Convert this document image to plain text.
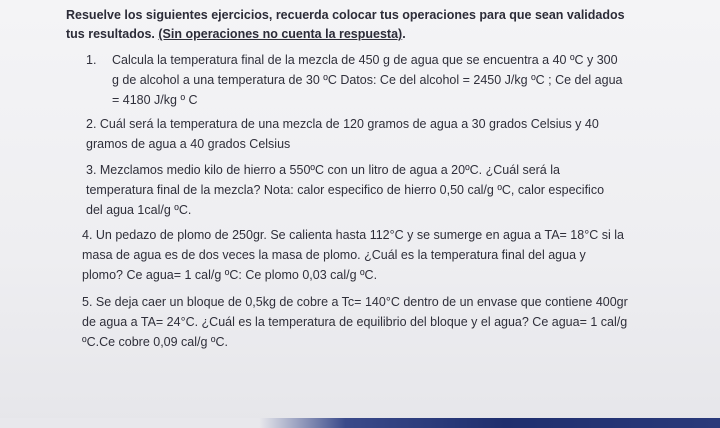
Resuelve los siguientes ejercicios, recuerda colocar tus operaciones para que sean validados tus resultados. (Sin operaciones no cuenta la respuesta).
1. Calcula la temperatura final de la mezcla de 450 g de agua que se encuentra a 40 ºC y 300 g de alcohol a una temperatura de 30 ºC Datos: Ce del alcohol = 2450 J/kg ºC ; Ce del agua = 4180 J/kg º C
2. Cuál será la temperatura de una mezcla de 120 gramos de agua a 30 grados Celsius y 40 gramos de agua a 40 grados Celsius
3. Mezclamos medio kilo de hierro a 550ºC con un litro de agua a 20ºC. ¿Cuál será la temperatura final de la mezcla? Nota: calor especifico de hierro 0,50 cal/g ºC, calor especifico del agua 1cal/g ºC.
4. Un pedazo de plomo de 250gr. Se calienta hasta 112°C y se sumerge en agua a TA= 18°C si la masa de agua es de dos veces la masa de plomo. ¿Cuál es la temperatura final del agua y plomo? Ce agua= 1 cal/g ºC: Ce plomo 0,03 cal/g ºC.
5. Se deja caer un bloque de 0,5kg de cobre a Tc= 140°C dentro de un envase que contiene 400gr de agua a TA= 24°C. ¿Cuál es la temperatura de equilibrio del bloque y el agua? Ce agua= 1 cal/g ºC.Ce cobre 0,09 cal/g ºC.
